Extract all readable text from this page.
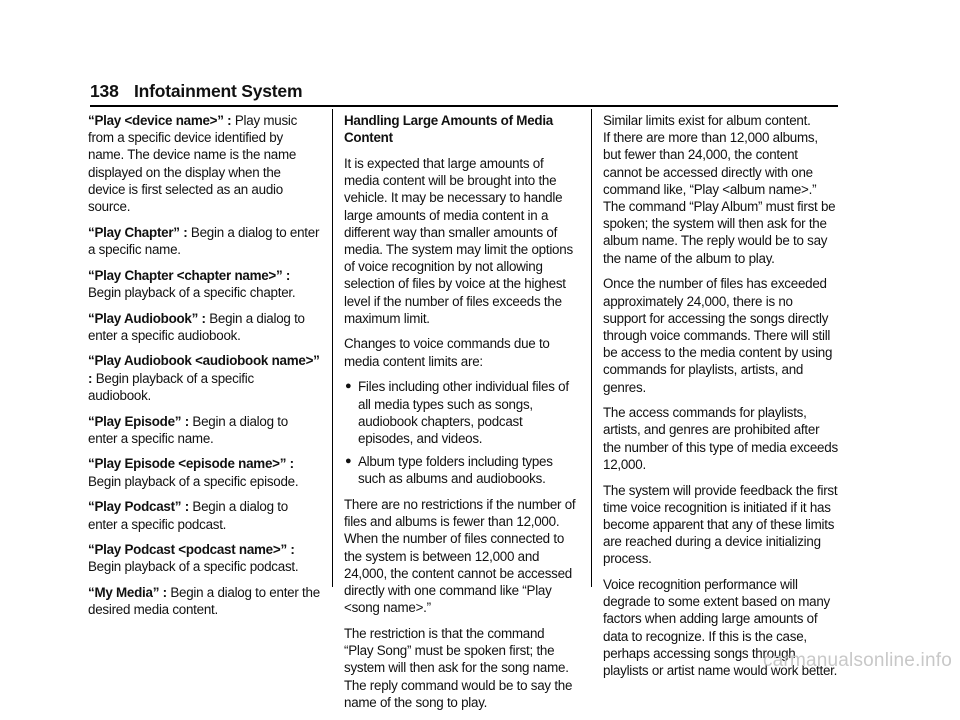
138 Infotainment System

“Play <device name>” : Play music from a specific device identified by name. The device name is the name displayed on the display when the device is first selected as an audio source.

“Play Chapter” : Begin a dialog to enter a specific name.

“Play Chapter <chapter name>” : Begin playback of a specific chapter.

“Play Audiobook” : Begin a dialog to enter a specific audiobook.

“Play Audiobook <audiobook name>” : Begin playback of a specific audiobook.

“Play Episode” : Begin a dialog to enter a specific name.

“Play Episode <episode name>” : Begin playback of a specific episode.

“Play Podcast” : Begin a dialog to enter a specific podcast.

“Play Podcast <podcast name>” : Begin playback of a specific podcast.

“My Media” : Begin a dialog to enter the desired media content.

Handling Large Amounts of Media Content

It is expected that large amounts of media content will be brought into the vehicle. It may be necessary to handle large amounts of media content in a different way than smaller amounts of media. The system may limit the options of voice recognition by not allowing selection of files by voice at the highest level if the number of files exceeds the maximum limit.

Changes to voice commands due to media content limits are:

● Files including other individual files of all media types such as songs, audiobook chapters, podcast episodes, and videos.
● Album type folders including types such as albums and audiobooks.

There are no restrictions if the number of files and albums is fewer than 12,000. When the number of files connected to the system is between 12,000 and 24,000, the content cannot be accessed directly with one command like “Play <song name>.”

The restriction is that the command “Play Song” must be spoken first; the system will then ask for the song name. The reply command would be to say the name of the song to play.

Similar limits exist for album content.

If there are more than 12,000 albums, but fewer than 24,000, the content cannot be accessed directly with one command like, “Play <album name>.” The command “Play Album” must first be spoken; the system will then ask for the album name. The reply would be to say the name of the album to play.

Once the number of files has exceeded approximately 24,000, there is no support for accessing the songs directly through voice commands. There will still be access to the media content by using commands for playlists, artists, and genres.

The access commands for playlists, artists, and genres are prohibited after the number of this type of media exceeds 12,000.

The system will provide feedback the first time voice recognition is initiated if it has become apparent that any of these limits are reached during a device initializing process.

Voice recognition performance will degrade to some extent based on many factors when adding large amounts of data to recognize. If this is the case, perhaps accessing songs through playlists or artist name would work better.

carmanualsonline.info
